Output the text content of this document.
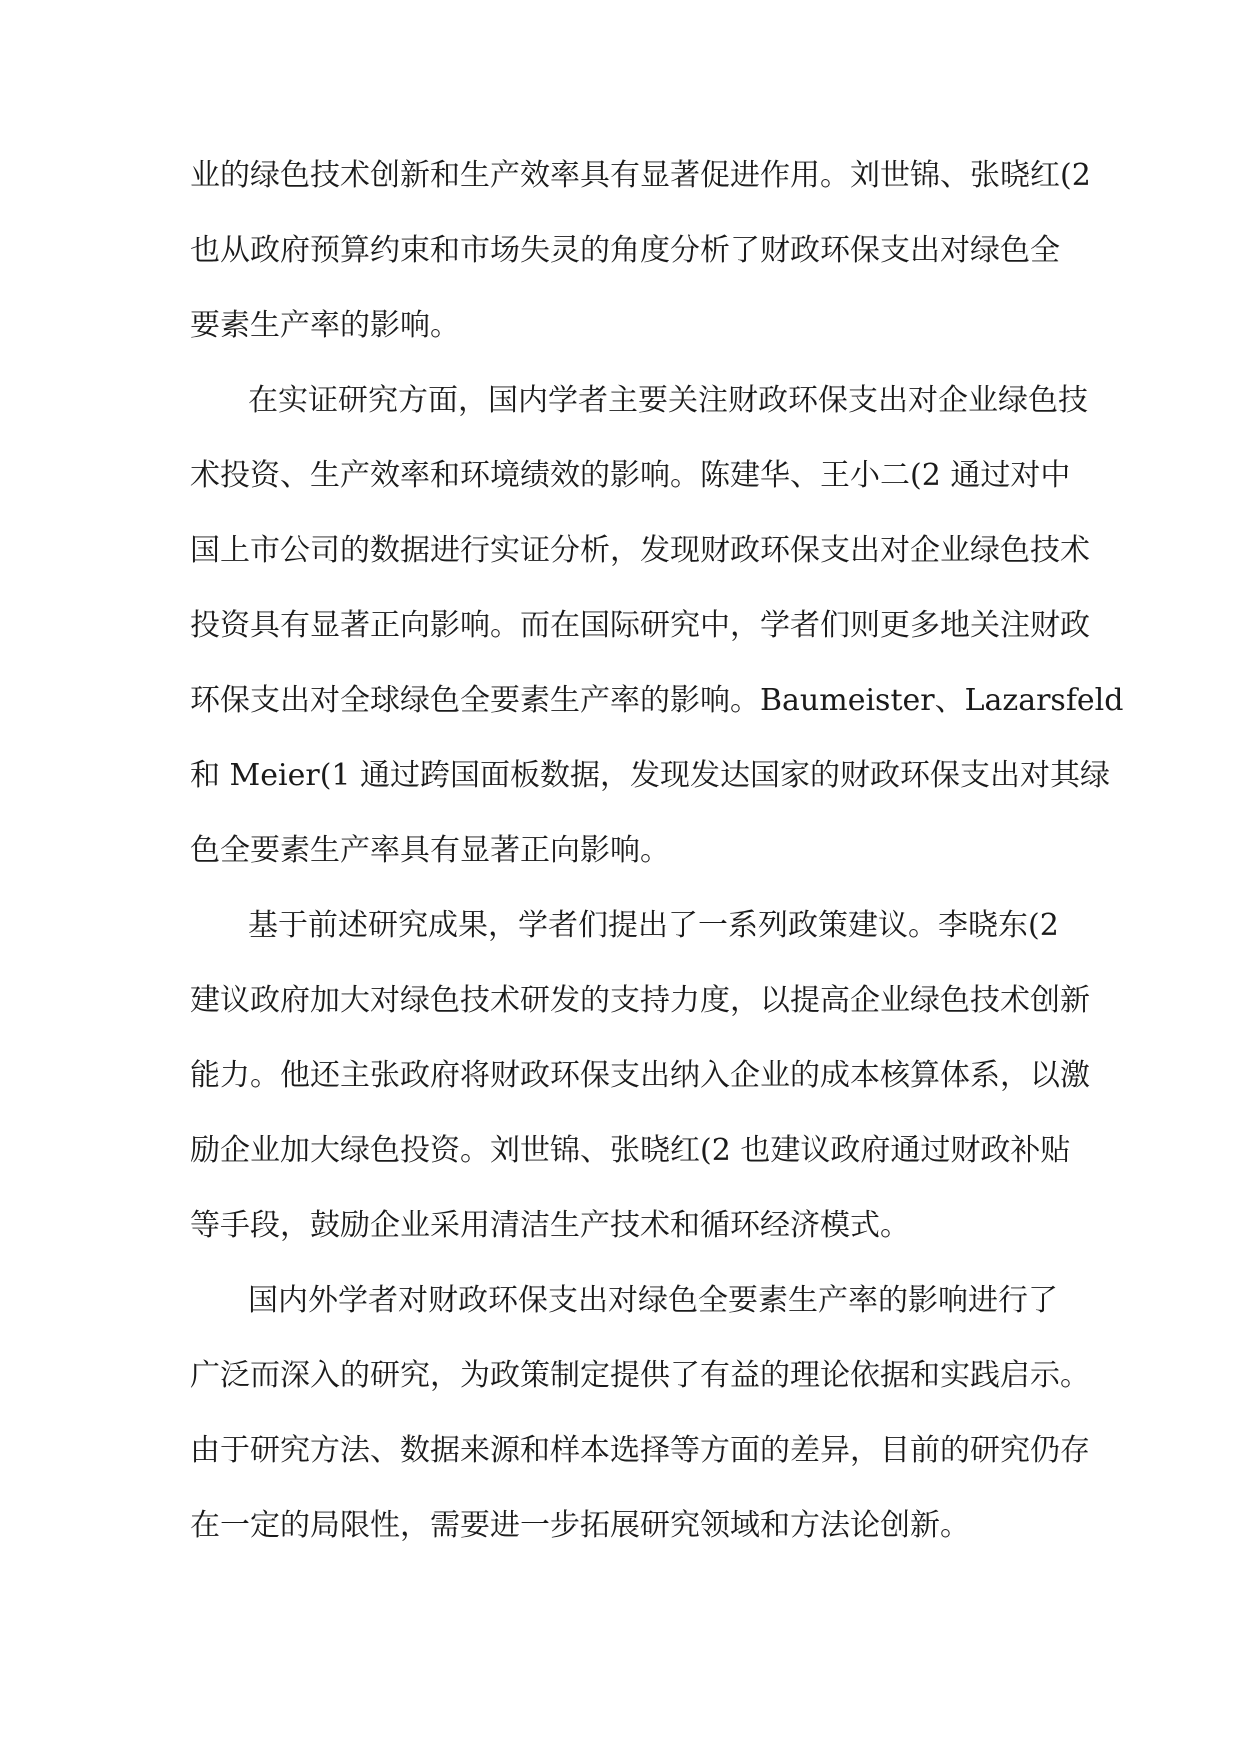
业的绿色技术创新和生产效率具有显著促进作用。刘世锦、张晓红(2
也从政府预算约束和市场失灵的角度分析了财政环保支出对绿色全
要素生产率的影响。
在实证研究方面，国内学者主要关注财政环保支出对企业绿色技
术投资、生产效率和环境绩效的影响。陈建华、王小二(2 通过对中
国上市公司的数据进行实证分析，发现财政环保支出对企业绿色技术
投资具有显著正向影响。而在国际研究中，学者们则更多地关注财政
环保支出对全球绿色全要素生产率的影响。Baumeister、Lazarsfeld
和 Meier(1 通过跨国面板数据，发现发达国家的财政环保支出对其绿
色全要素生产率具有显著正向影响。
基于前述研究成果，学者们提出了一系列政策建议。李晓东(2
建议政府加大对绿色技术研发的支持力度，以提高企业绿色技术创新
能力。他还主张政府将财政环保支出纳入企业的成本核算体系，以激
励企业加大绿色投资。刘世锦、张晓红(2 也建议政府通过财政补贴
等手段，鼓励企业采用清洁生产技术和循环经济模式。
国内外学者对财政环保支出对绿色全要素生产率的影响进行了
广泛而深入的研究，为政策制定提供了有益的理论依据和实践启示。
由于研究方法、数据来源和样本选择等方面的差异，目前的研究仍存
在一定的局限性，需要进一步拓展研究领域和方法论创新。
